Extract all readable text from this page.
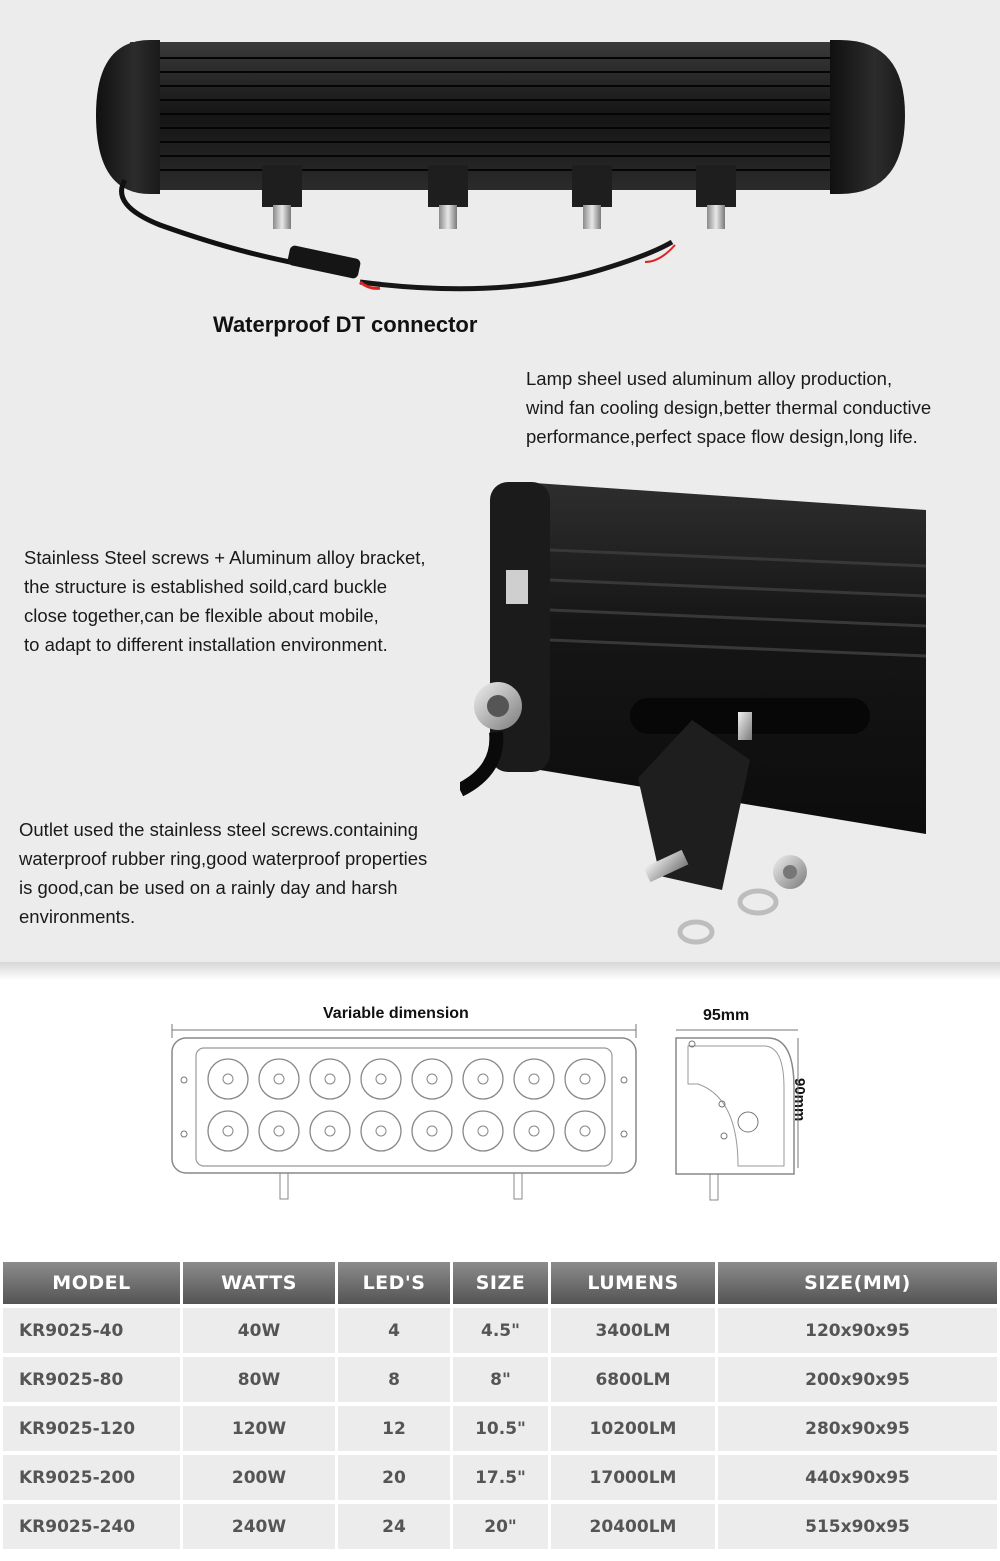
Waterproof DT connector
Lamp sheel used aluminum alloy production,
wind fan cooling design,better thermal conductive
performance,perfect space flow design,long life.
Stainless Steel screws + Aluminum alloy bracket,
the structure is established soild,card buckle
close together,can be flexible about mobile,
to adapt to different installation environment.
Outlet used the stainless steel screws.containing
waterproof rubber ring,good waterproof properties
is good,can be used on a rainly day and harsh
environments.
Variable dimension	95mm
90mm
MODEL	WATTS	LED'S	SIZE	LUMENS	SIZE(MM)
KR9025-40	40W	4	4.5"	3400LM	120x90x95
KR9025-80	80W	8	8"	6800LM	200x90x95
KR9025-120	120W	12	10.5"	10200LM	280x90x95
KR9025-200	200W	20	17.5"	17000LM	440x90x95
KR9025-240	240W	24	20"	20400LM	515x90x95
